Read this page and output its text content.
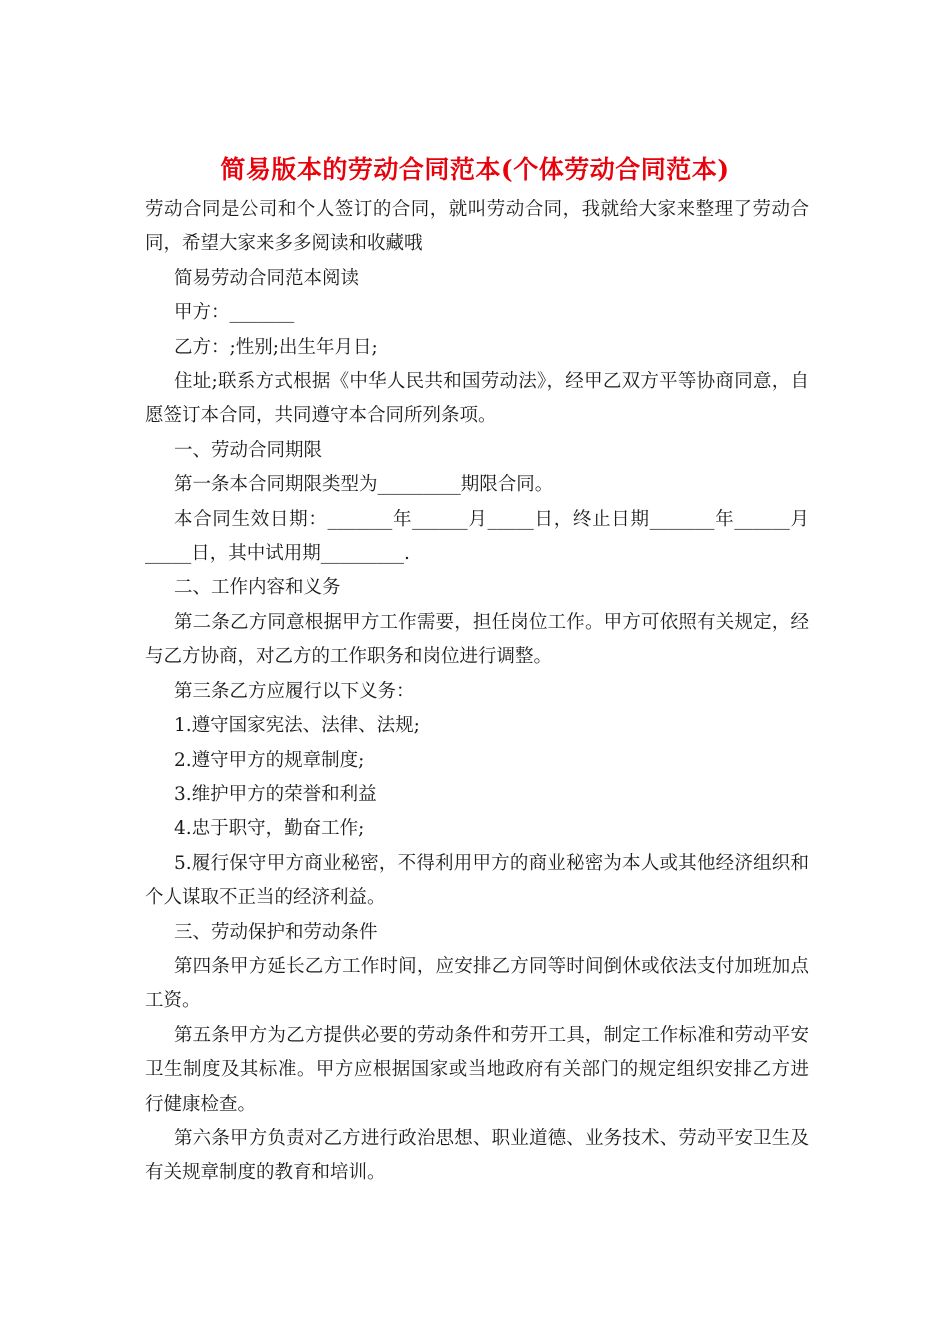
简易版本的劳动合同范本(个体劳动合同范本)

劳动合同是公司和个人签订的合同，就叫劳动合同，我就给大家来整理了劳动合同，希望大家来多多阅读和收藏哦

简易劳动合同范本阅读

甲方：_______

乙方：;性别;出生年月日;

住址;联系方式根据《中华人民共和国劳动法》，经甲乙双方平等协商同意，自愿签订本合同，共同遵守本合同所列条项。

一、劳动合同期限

第一条本合同期限类型为_________期限合同。

本合同生效日期：_______年______月_____日，终止日期_______年______月_____日，其中试用期_________.

二、工作内容和义务

第二条乙方同意根据甲方工作需要，担任岗位工作。甲方可依照有关规定，经与乙方协商，对乙方的工作职务和岗位进行调整。

第三条乙方应履行以下义务：

1.遵守国家宪法、法律、法规;

2.遵守甲方的规章制度;

3.维护甲方的荣誉和利益

4.忠于职守，勤奋工作;

5.履行保守甲方商业秘密，不得利用甲方的商业秘密为本人或其他经济组织和个人谋取不正当的经济利益。

三、劳动保护和劳动条件

第四条甲方延长乙方工作时间，应安排乙方同等时间倒休或依法支付加班加点工资。

第五条甲方为乙方提供必要的劳动条件和劳开工具，制定工作标准和劳动平安卫生制度及其标准。甲方应根据国家或当地政府有关部门的规定组织安排乙方进行健康检查。

第六条甲方负责对乙方进行政治思想、职业道德、业务技术、劳动平安卫生及有关规章制度的教育和培训。
